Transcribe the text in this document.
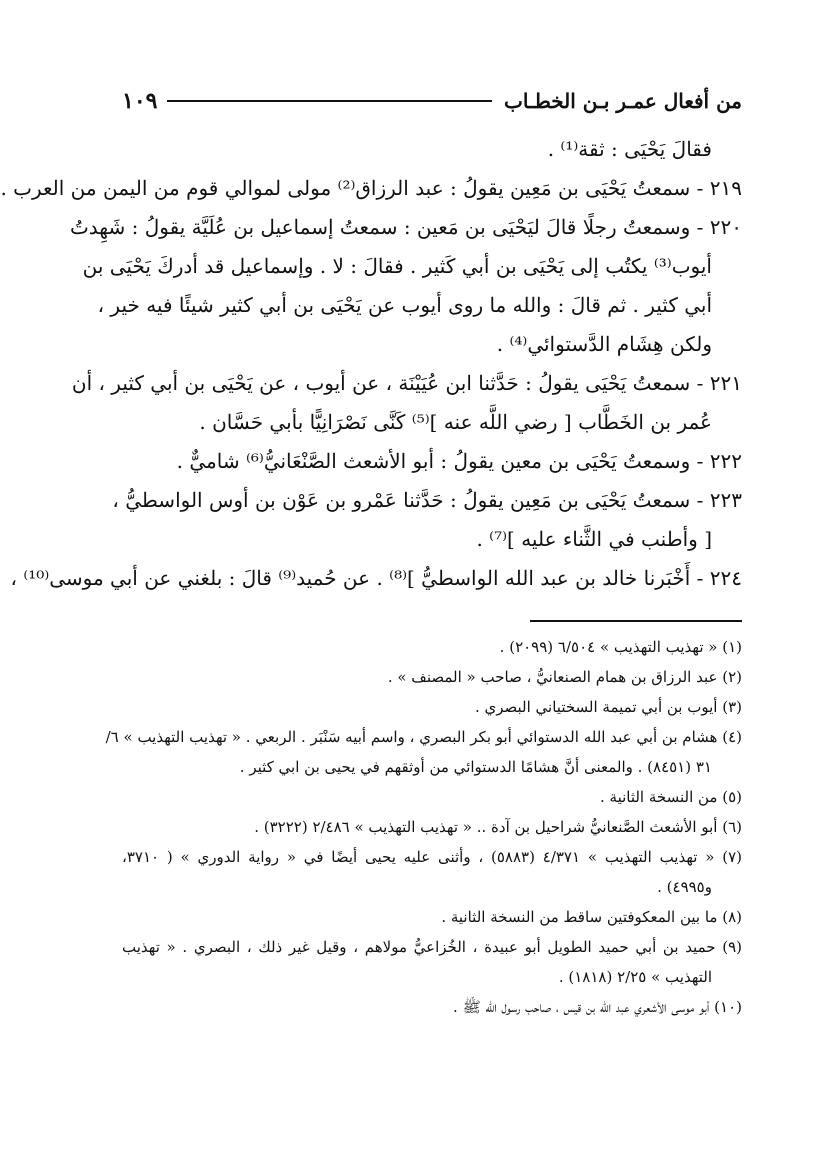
من أفعال عمـر بـن الخطـاب
١٠٩
فقالَ يَحْيَى : ثقة⁽¹⁾ .
٢١٩ - سمعتُ يَحْيَى بن مَعِين يقولُ : عبد الرزاق⁽²⁾ مولى لموالي قوم من اليمن من العرب .
٢٢٠ - وسمعتُ رجلًا قالَ ليَحْيَى بن مَعين : سمعتُ إسماعيل بن عُلَيَّة يقولُ : شَهِدتُ
أيوب⁽³⁾ يكتُب إلى يَحْيَى بن أبي كَثير . فقالَ : لا . وإسماعيل قد أدركَ يَحْيَى بن
أبي كثير . ثم قالَ : والله ما روى أيوب عن يَحْيَى بن أبي كثير شيئًا فيه خير ،
ولكن هِشَام الدَّستوائي⁽⁴⁾ .
٢٢١ - سمعتُ يَحْيَى يقولُ : حَدَّثنا ابن عُيَيْنَة ، عن أيوب ، عن يَحْيَى بن أبي كثير ، أن
عُمر بن الخَطَّاب [ رضي اللَّه عنه ]⁽⁵⁾ كَنَّى نَصْرَانِيًّا بأبي حَسَّان .
٢٢٢ - وسمعتُ يَحْيَى بن معين يقولُ : أبو الأشعث الصَّنْعَانيُّ⁽⁶⁾ شاميٌّ .
٢٢٣ - سمعتُ يَحْيَى بن مَعِين يقولُ : حَدَّثنا عَمْرو بن عَوْن بن أوس الواسطيُّ ،
[ وأطنب في الثَّناء عليه ]⁽⁷⁾ .
٢٢٤ - أَخْبَرنا خالد بن عبد الله الواسطيُّ ]⁽⁸⁾ . عن حُميد⁽⁹⁾ قالَ : بلغني عن أبي موسى⁽¹⁰⁾ ،
(١) « تهذيب التهذيب » ٦/٥٠٤ (٢٠٩٩) .
(٢) عبد الرزاق بن همام الصنعانيُّ ، صاحب « المصنف » .
(٣) أيوب بن أبي تميمة السختياني البصري .
(٤) هشام بن أبي عبد الله الدستوائي أبو بكر البصري ، واسم أبيه سَنْبَر . الربعي . « تهذيب التهذيب » ٦/
٣١ (٨٤٥١) . والمعنى أنَّ هشامًا الدستوائي من أوثقهم في يحيى بن ابي كثير .
(٥) من النسخة الثانية .
(٦) أبو الأشعث الصَّنعانيُّ شراحيل بن آدة .. « تهذيب التهذيب » ٢/٤٨٦ (٣٢٢٢) .
(٧) « تهذيب التهذيب » ٤/٣٧١ (٥٨٨٣) ، وأثنى عليه يحيى أيضًا في « رواية الدوري » ( ٣٧١٠،
و٤٩٩٥) .
(٨) ما بين المعكوفتين ساقط من النسخة الثانية .
(٩) حميد بن أبي حميد الطويل أبو عبيدة ، الخُزاعيُّ مولاهم ، وقيل غير ذلك ، البصري . « تهذيب
التهذيب » ٢/٢٥ (١٨١٨) .
(١٠) أبو موسى الأشعري عبد الله بن قيس ، صاحب رسول الله ﷺ .
